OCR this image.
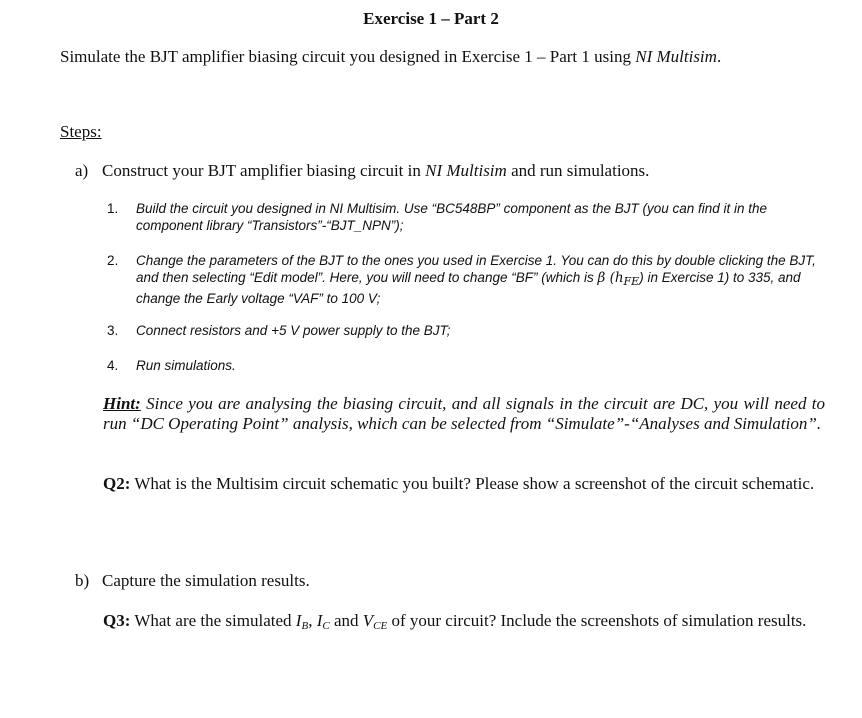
Exercise 1 – Part 2
Simulate the BJT amplifier biasing circuit you designed in Exercise 1 – Part 1 using NI Multisim.
Steps:
a) Construct your BJT amplifier biasing circuit in NI Multisim and run simulations.
1. Build the circuit you designed in NI Multisim. Use “BC548BP” component as the BJT (you can find it in the component library “Transistors”-“BJT_NPN”);
2. Change the parameters of the BJT to the ones you used in Exercise 1. You can do this by double clicking the BJT, and then selecting “Edit model”. Here, you will need to change “BF” (which is β $(h_{FE})$ in Exercise 1) to 335, and change the Early voltage “VAF” to 100 V;
3. Connect resistors and +5 V power supply to the BJT;
4. Run simulations.
Hint: Since you are analysing the biasing circuit, and all signals in the circuit are DC, you will need to run “DC Operating Point” analysis, which can be selected from “Simulate”-“Analyses and Simulation”.
Q2: What is the Multisim circuit schematic you built? Please show a screenshot of the circuit schematic.
b) Capture the simulation results.
Q3: What are the simulated $I_B$, $I_C$ and $V_{CE}$ of your circuit? Include the screenshots of simulation results.
